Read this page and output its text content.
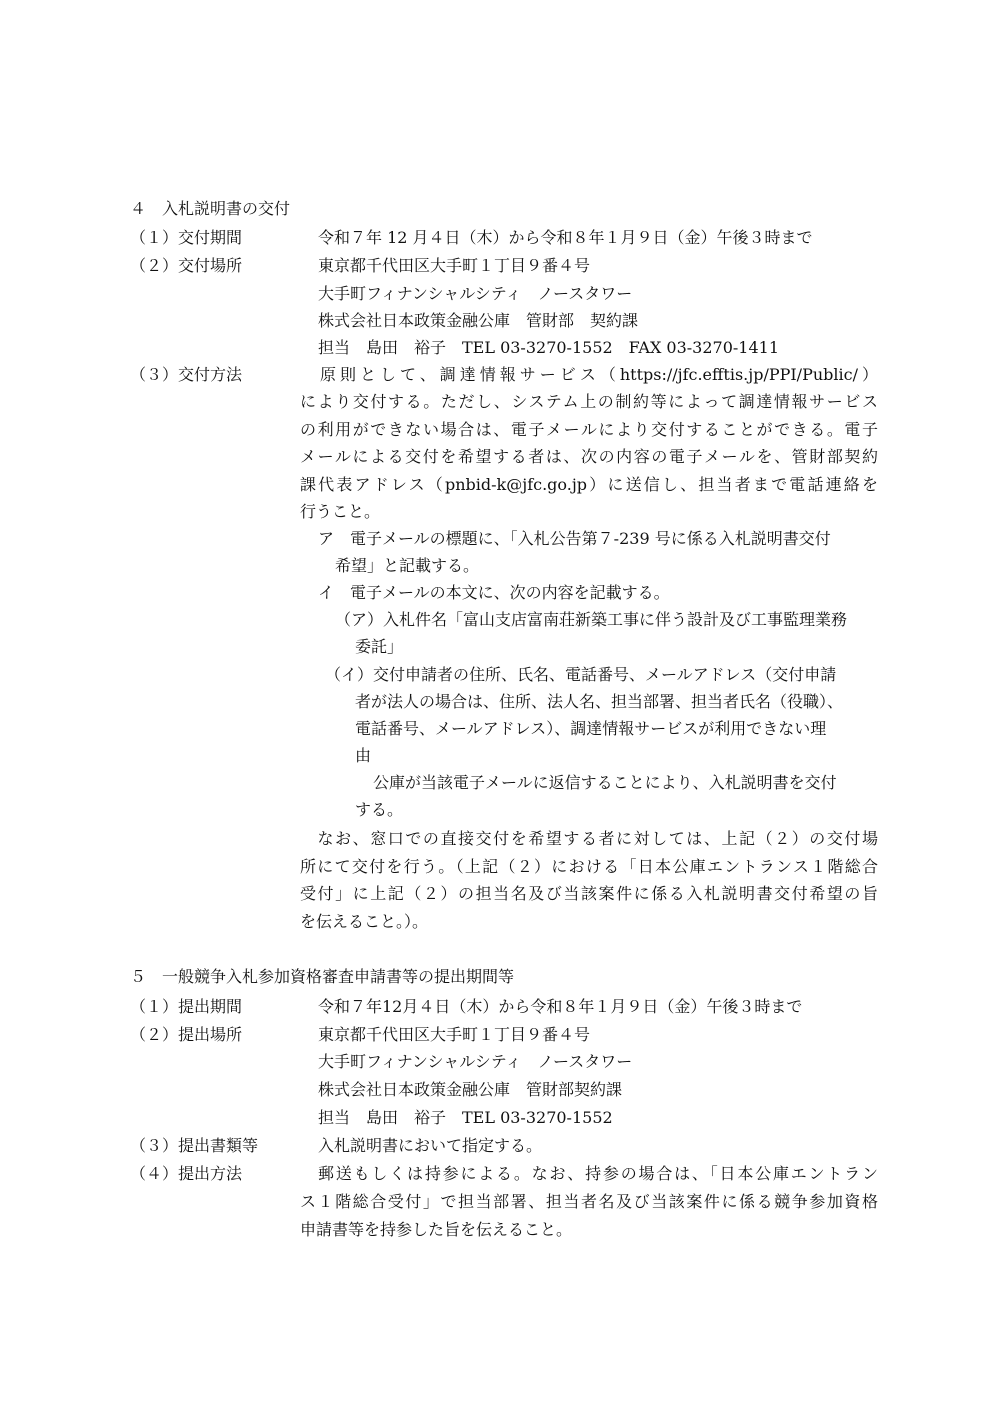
４　入札説明書の交付
（１）交付期間	令和７年 12 月４日（木）から令和８年１月９日（金）午後３時まで
（２）交付場所	東京都千代田区大手町１丁目９番４号
大手町フィナンシャルシティ　ノースタワー
株式会社日本政策金融公庫　管財部　契約課
担当　島田　裕子　TEL 03-3270-1552　FAX 03-3270-1411
（３）交付方法	　原則として、調達情報サービス（https://jfc.efftis.jp/PPI/Public/）
により交付する。ただし、システム上の制約等によって調達情報サービス
の利用ができない場合は、電子メールにより交付することができる。電子
メールによる交付を希望する者は、次の内容の電子メールを、管財部契約
課代表アドレス（pnbid-k@jfc.go.jp）に送信し、担当者まで電話連絡を
行うこと。
ア　電子メールの標題に、「入札公告第７-239 号に係る入札説明書交付
希望」と記載する。
イ　電子メールの本文に、次の内容を記載する。
（ア）入札件名「富山支店富南荘新築工事に伴う設計及び工事監理業務
委託」
（イ）交付申請者の住所、氏名、電話番号、メールアドレス（交付申請
者が法人の場合は、住所、法人名、担当部署、担当者氏名（役職）、
電話番号、メールアドレス）、調達情報サービスが利用できない理
由
公庫が当該電子メールに返信することにより、入札説明書を交付
する。
　なお、窓口での直接交付を希望する者に対しては、上記（２）の交付場
所にて交付を行う。（上記（２）における「日本公庫エントランス１階総合
受付」に上記（２）の担当名及び当該案件に係る入札説明書交付希望の旨
を伝えること。）。
５　一般競争入札参加資格審査申請書等の提出期間等
（１）提出期間	令和７年12月４日（木）から令和８年１月９日（金）午後３時まで
（２）提出場所	東京都千代田区大手町１丁目９番４号
大手町フィナンシャルシティ　ノースタワー
株式会社日本政策金融公庫　管財部契約課
担当　島田　裕子　TEL 03-3270-1552
（３）提出書類等	入札説明書において指定する。
（４）提出方法	郵送もしくは持参による。なお、持参の場合は、「日本公庫エントラン
ス１階総合受付」で担当部署、担当者名及び当該案件に係る競争参加資格
申請書等を持参した旨を伝えること。
